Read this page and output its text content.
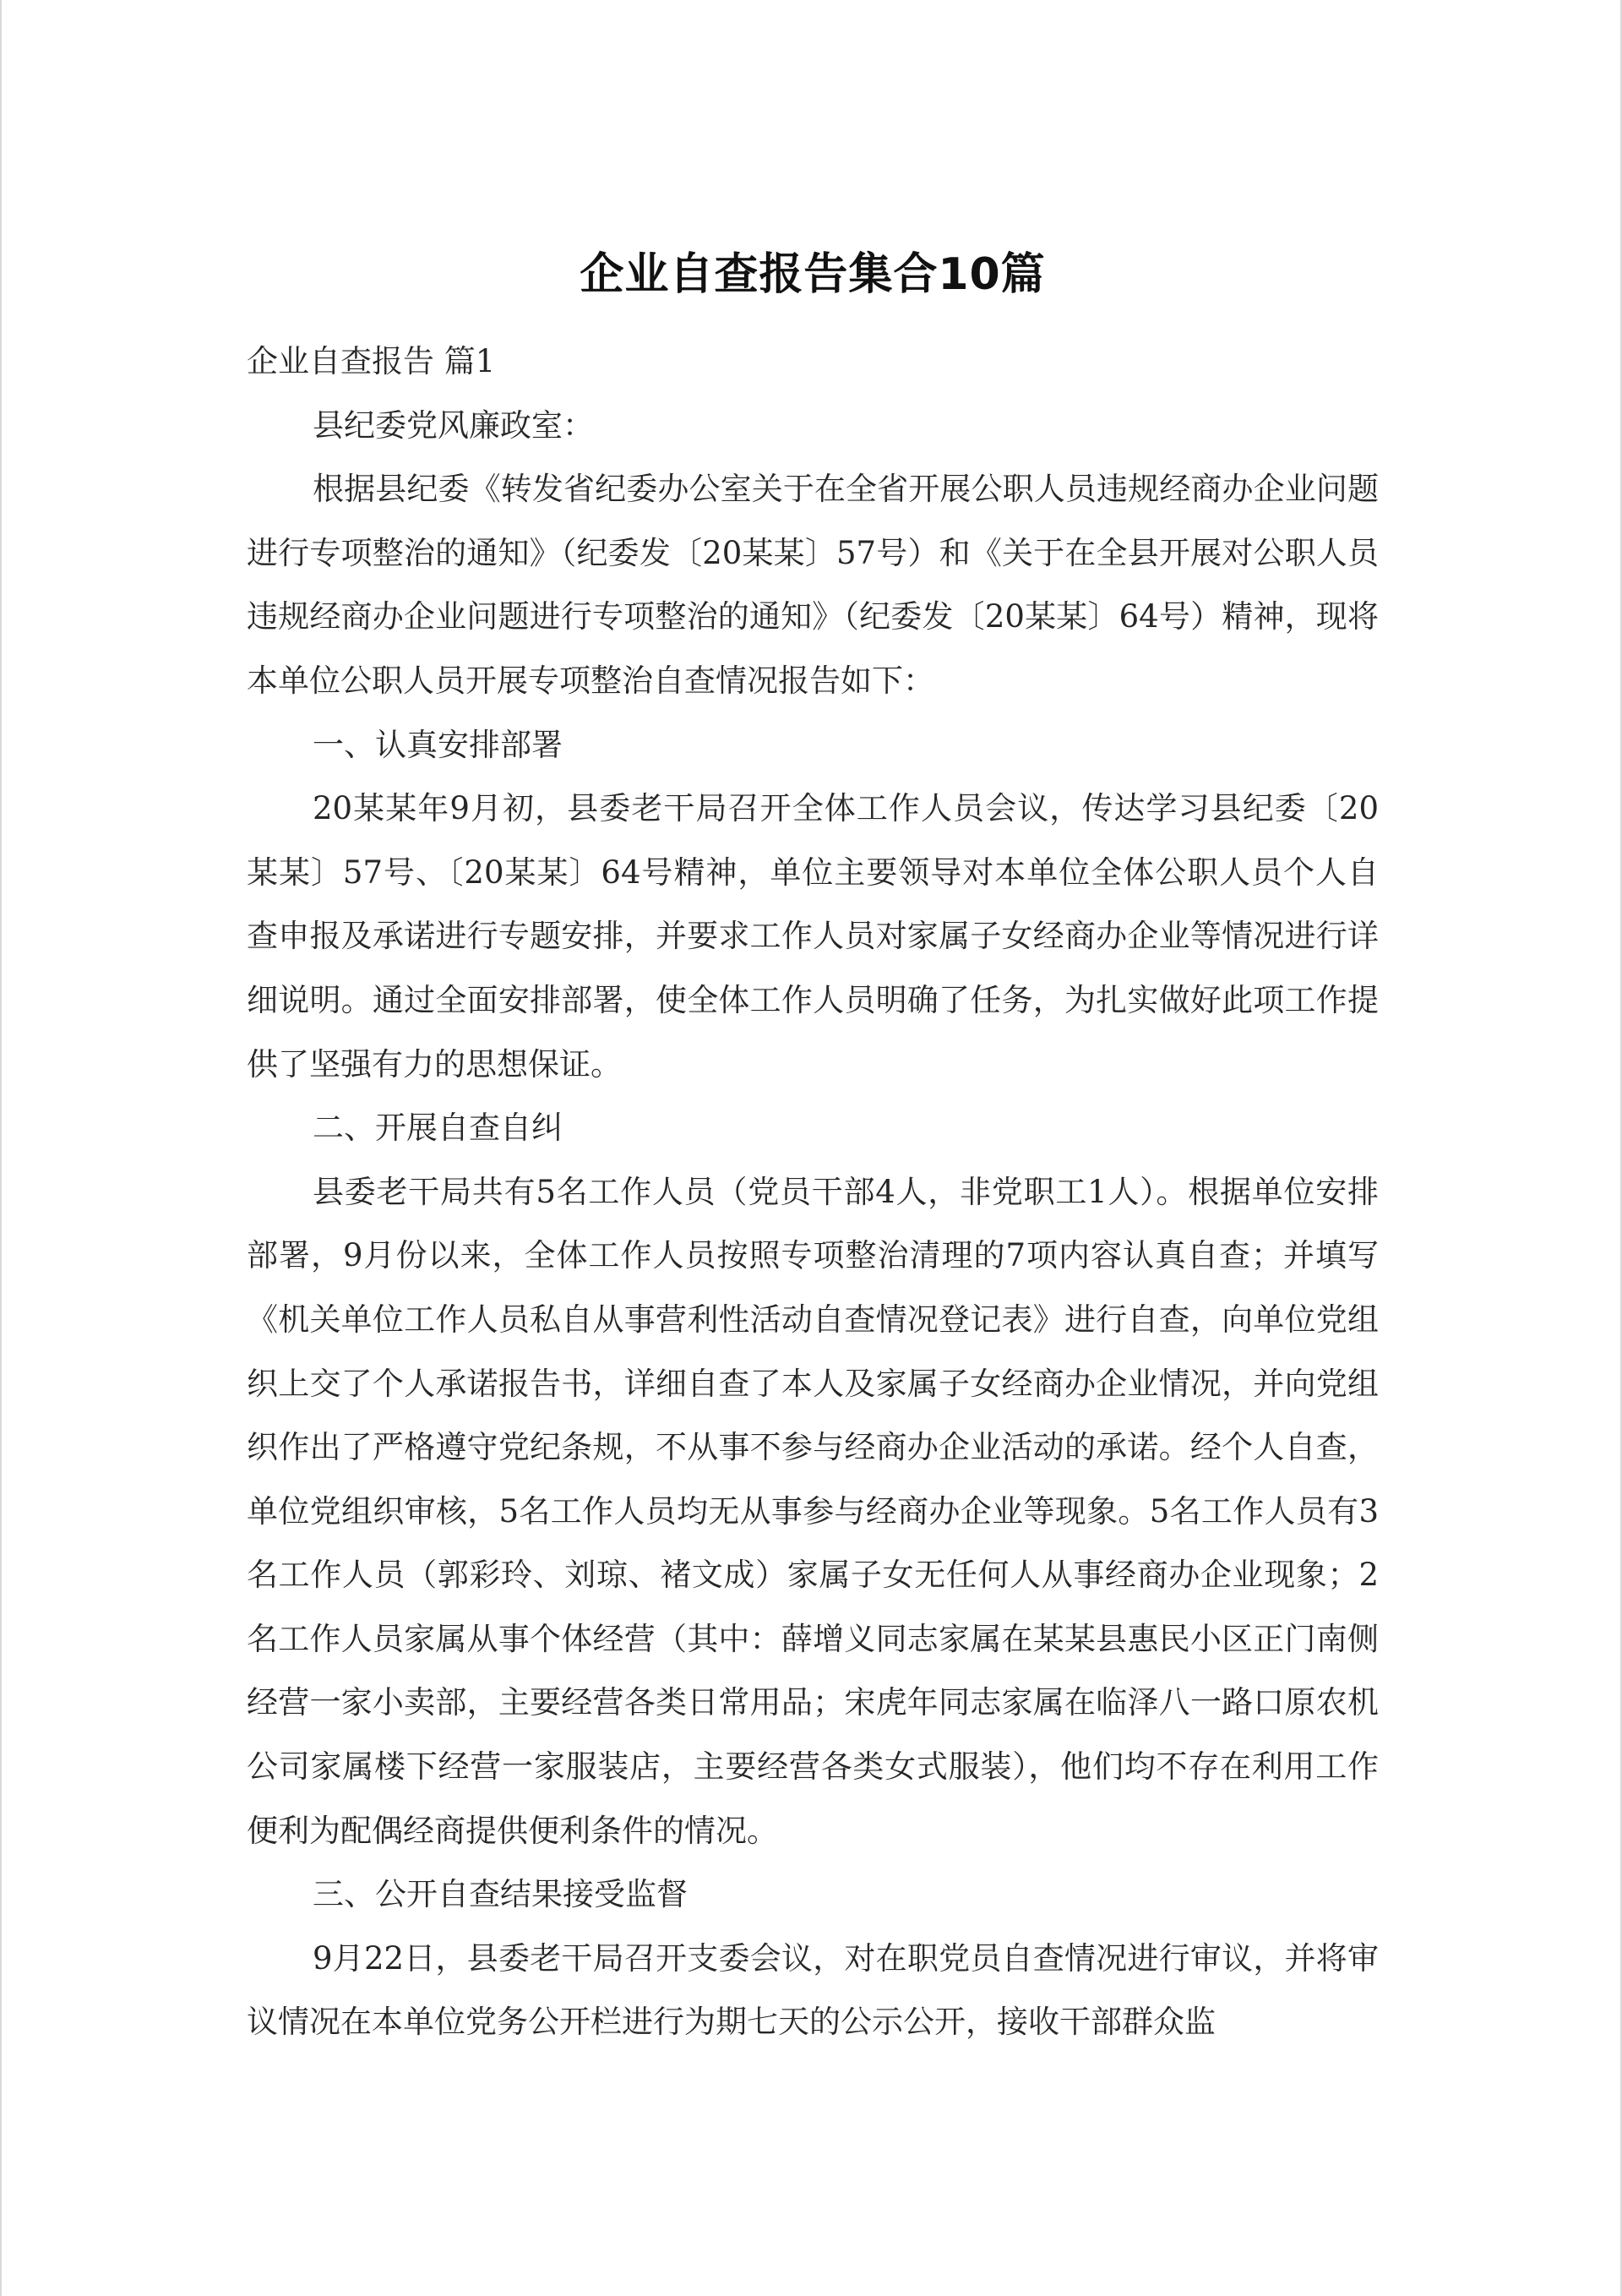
企业自查报告集合10篇

企业自查报告 篇1

县纪委党风廉政室：

根据县纪委《转发省纪委办公室关于在全省开展公职人员违规经商办企业问题进行专项整治的通知》（纪委发〔20某某〕57号）和《关于在全县开展对公职人员违规经商办企业问题进行专项整治的通知》（纪委发〔20某某〕64号）精神，现将本单位公职人员开展专项整治自查情况报告如下：

一、认真安排部署

20某某年9月初，县委老干局召开全体工作人员会议，传达学习县纪委〔20某某〕57号、〔20某某〕64号精神，单位主要领导对本单位全体公职人员个人自查申报及承诺进行专题安排，并要求工作人员对家属子女经商办企业等情况进行详细说明。通过全面安排部署，使全体工作人员明确了任务，为扎实做好此项工作提供了坚强有力的思想保证。

二、开展自查自纠

县委老干局共有5名工作人员（党员干部4人，非党职工1人）。根据单位安排部署，9月份以来，全体工作人员按照专项整治清理的7项内容认真自查；并填写《机关单位工作人员私自从事营利性活动自查情况登记表》进行自查，向单位党组织上交了个人承诺报告书，详细自查了本人及家属子女经商办企业情况，并向党组织作出了严格遵守党纪条规，不从事不参与经商办企业活动的承诺。经个人自查，单位党组织审核，5名工作人员均无从事参与经商办企业等现象。5名工作人员有3名工作人员（郭彩玲、刘琼、褚文成）家属子女无任何人从事经商办企业现象；2名工作人员家属从事个体经营（其中：薛增义同志家属在某某县惠民小区正门南侧经营一家小卖部，主要经营各类日常用品；宋虎年同志家属在临泽八一路口原农机公司家属楼下经营一家服装店，主要经营各类女式服装），他们均不存在利用工作便利为配偶经商提供便利条件的情况。

三、公开自查结果接受监督

9月22日，县委老干局召开支委会议，对在职党员自查情况进行审议，并将审议情况在本单位党务公开栏进行为期七天的公示公开，接收干部群众监
